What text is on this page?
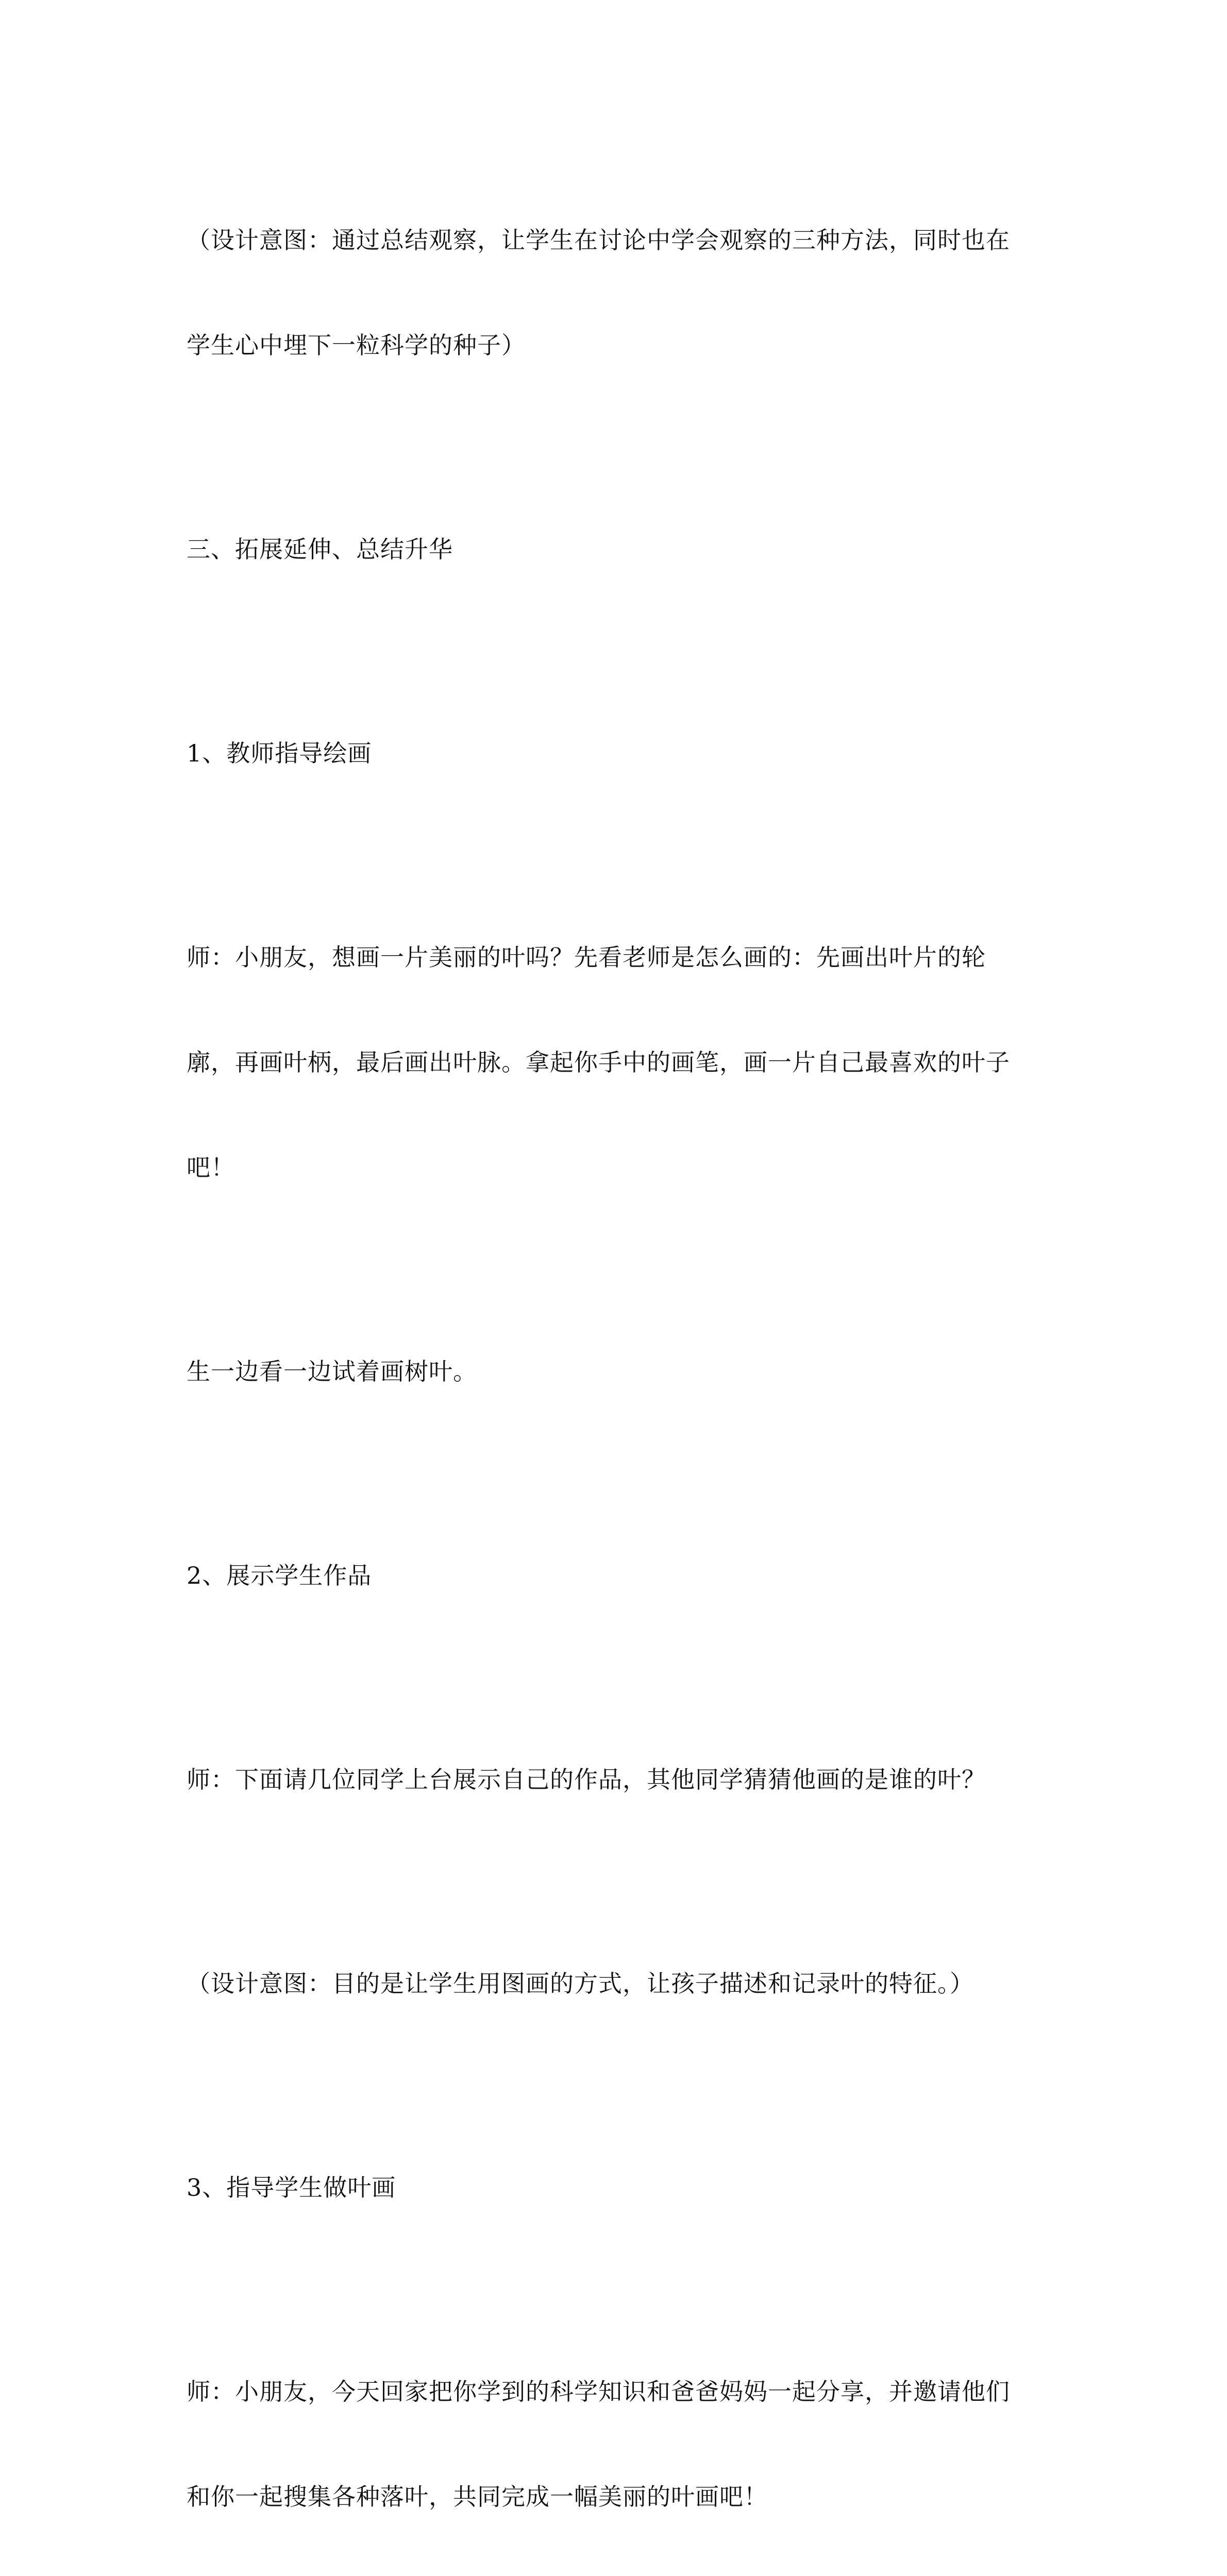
（设计意图：通过总结观察，让学生在讨论中学会观察的三种方法，同时也在

学生心中埋下一粒科学的种子）

三、拓展延伸、总结升华

1、教师指导绘画

师：小朋友，想画一片美丽的叶吗？先看老师是怎么画的：先画出叶片的轮

廓，再画叶柄，最后画出叶脉。拿起你手中的画笔，画一片自己最喜欢的叶子

吧！

生一边看一边试着画树叶。

2、展示学生作品

师：下面请几位同学上台展示自己的作品，其他同学猜猜他画的是谁的叶？

（设计意图：目的是让学生用图画的方式，让孩子描述和记录叶的特征。）

3、指导学生做叶画

师：小朋友，今天回家把你学到的科学知识和爸爸妈妈一起分享，并邀请他们

和你一起搜集各种落叶，共同完成一幅美丽的叶画吧！
